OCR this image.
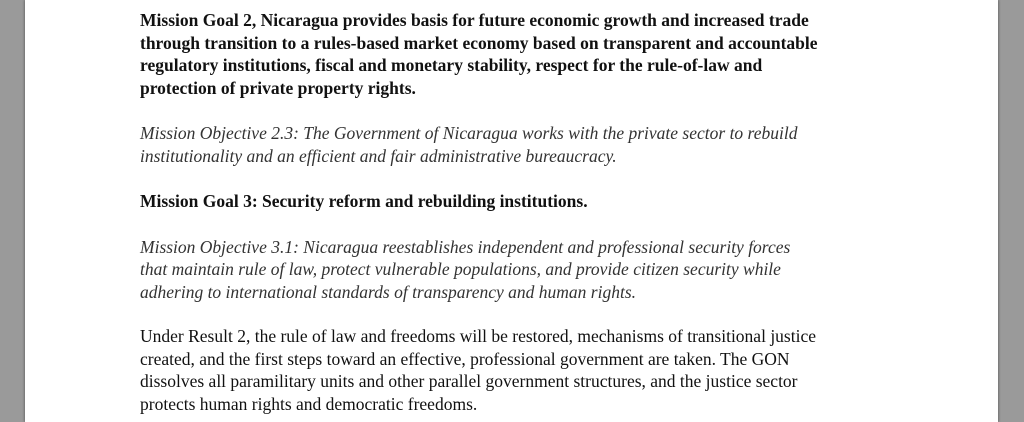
Mission Goal 2, Nicaragua provides basis for future economic growth and increased trade
through transition to a rules-based market economy based on transparent and accountable
regulatory institutions, fiscal and monetary stability, respect for the rule-of-law and
protection of private property rights.
Mission Objective 2.3: The Government of Nicaragua works with the private sector to rebuild
institutionality and an efficient and fair administrative bureaucracy.
Mission Goal 3: Security reform and rebuilding institutions.
Mission Objective 3.1: Nicaragua reestablishes independent and professional security forces
that maintain rule of law, protect vulnerable populations, and provide citizen security while
adhering to international standards of transparency and human rights.
Under Result 2, the rule of law and freedoms will be restored, mechanisms of transitional justice
created, and the first steps toward an effective, professional government are taken. The GON
dissolves all paramilitary units and other parallel government structures, and the justice sector
protects human rights and democratic freedoms.
